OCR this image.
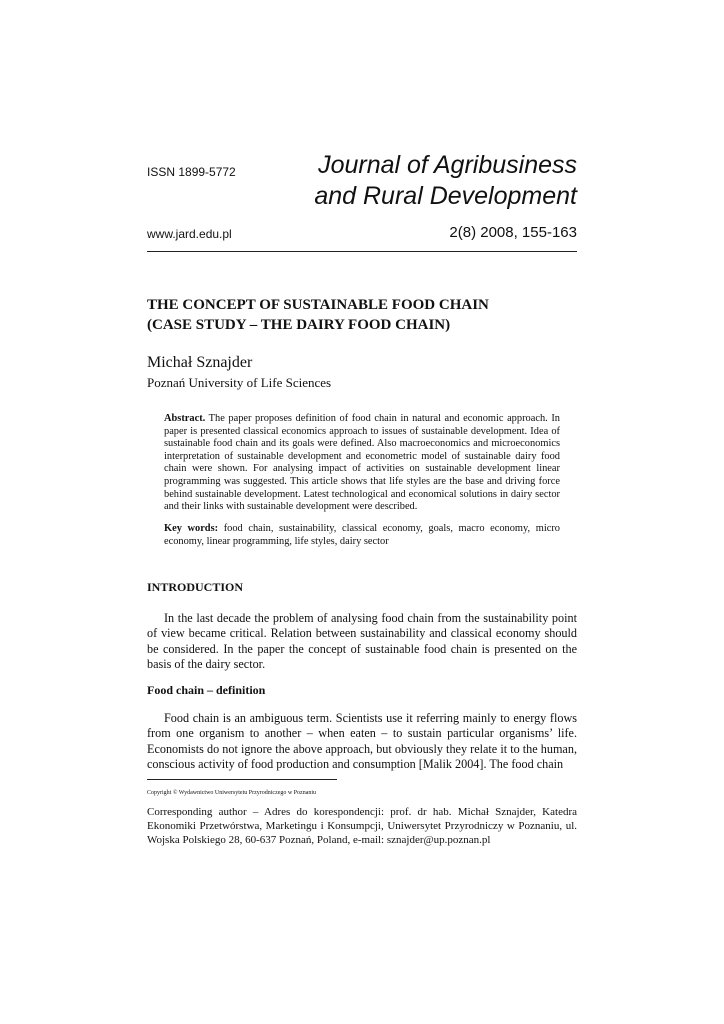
ISSN 1899-5772	Journal of Agribusiness
and Rural Development
www.jard.edu.pl	2(8) 2008, 155-163
THE CONCEPT OF SUSTAINABLE FOOD CHAIN
(CASE STUDY – THE DAIRY FOOD CHAIN)
Michał Sznajder
Poznań University of Life Sciences
Abstract. The paper proposes definition of food chain in natural and economic approach. In paper is presented classical economics approach to issues of sustainable development. Idea of sustainable food chain and its goals were defined. Also macroeconomics and microeconomics interpretation of sustainable development and econometric model of sustainable dairy food chain were shown. For analysing impact of activities on sustainable development linear programming was suggested. This article shows that life styles are the base and driving force behind sustainable development. Latest technological and economical solutions in dairy sector and their links with sustainable development were described.
Key words: food chain, sustainability, classical economy, goals, macro economy, micro economy, linear programming, life styles, dairy sector
INTRODUCTION
In the last decade the problem of analysing food chain from the sustainability point of view became critical. Relation between sustainability and classical economy should be considered. In the paper the concept of sustainable food chain is presented on the basis of the dairy sector.
Food chain – definition
Food chain is an ambiguous term. Scientists use it referring mainly to energy flows from one organism to another – when eaten – to sustain particular organisms’ life. Economists do not ignore the above approach, but obviously they relate it to the human, conscious activity of food production and consumption [Malik 2004]. The food chain
Copyright © Wydawnictwo Uniwersytetu Przyrodniczego w Poznaniu
Corresponding author – Adres do korespondencji: prof. dr hab. Michał Sznajder, Katedra Ekonomiki Przetwórstwa, Marketingu i Konsumpcji, Uniwersytet Przyrodniczy w Poznaniu, ul. Wojska Polskiego 28, 60-637 Poznań, Poland, e-mail: sznajder@up.poznan.pl
